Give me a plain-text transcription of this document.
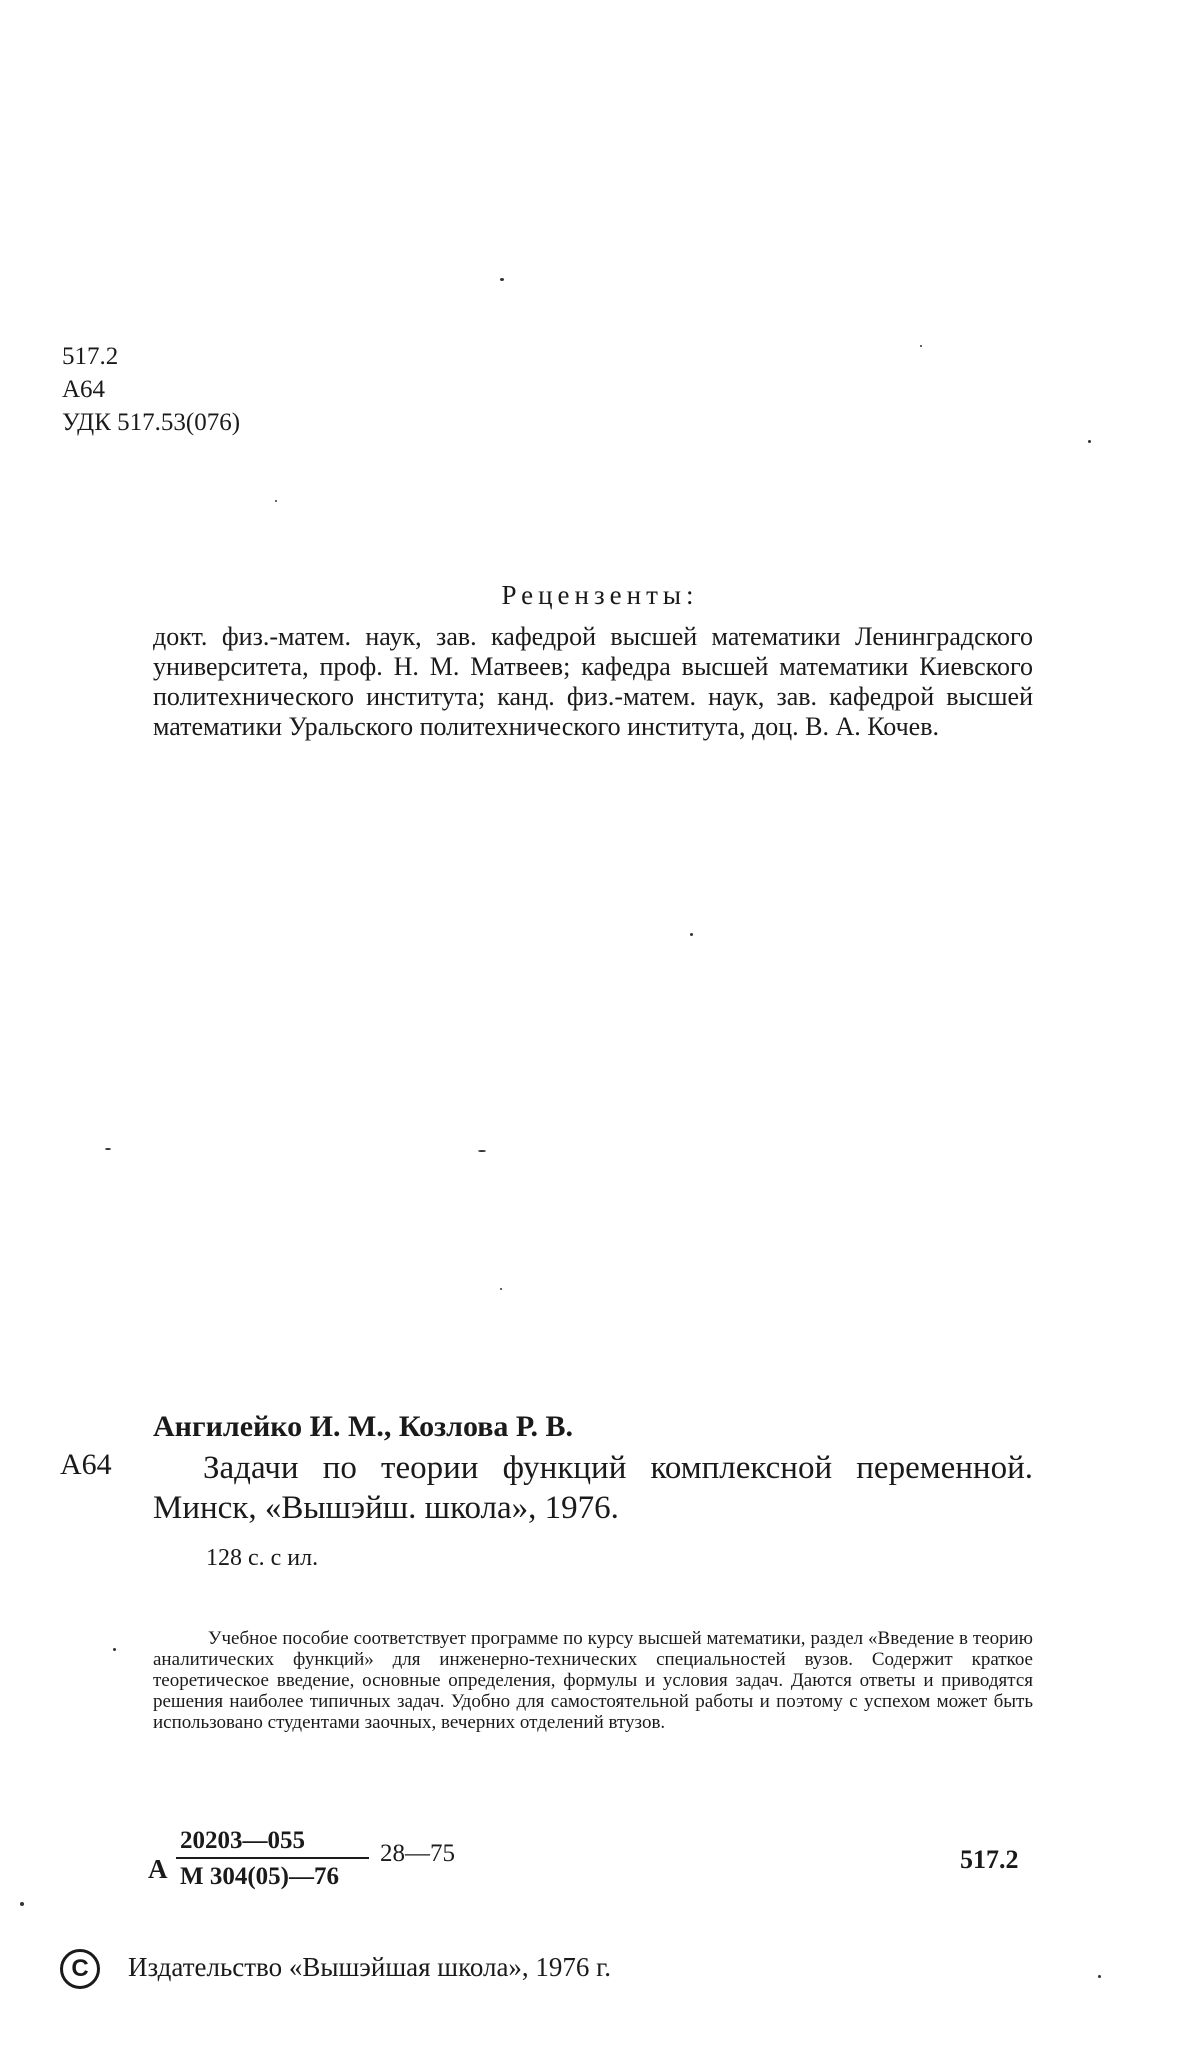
517.2
А64
УДК 517.53(076)
Рецензенты:
докт. физ.-матем. наук, зав. кафедрой высшей математики Ленинградского университета, проф. Н. М. Матвеев; кафедра высшей математики Киевского политехнического института; канд. физ.-матем. наук, зав. кафедрой высшей математики Уральского политехнического института, доц. В. А. Кочев.
Ангилейко И. М., Козлова Р. В.
А64	Задачи по теории функций комплексной переменной. Минск, «Вышэйш. школа», 1976.
128 с. с ил.
Учебное пособие соответствует программе по курсу высшей математики, раздел «Введение в теорию аналитических функций» для инженерно-технических специальностей вузов. Содержит краткое теоретическое введение, основные определения, формулы и условия задач. Даются ответы и приводятся решения наиболее типичных задач. Удобно для самостоятельной работы и поэтому с успехом может быть использовано студентами заочных, вечерних отделений втузов.
А
20203—055
М 304(05)—76
28—75	517.2
C	Издательство «Вышэйшая школа», 1976 г.
